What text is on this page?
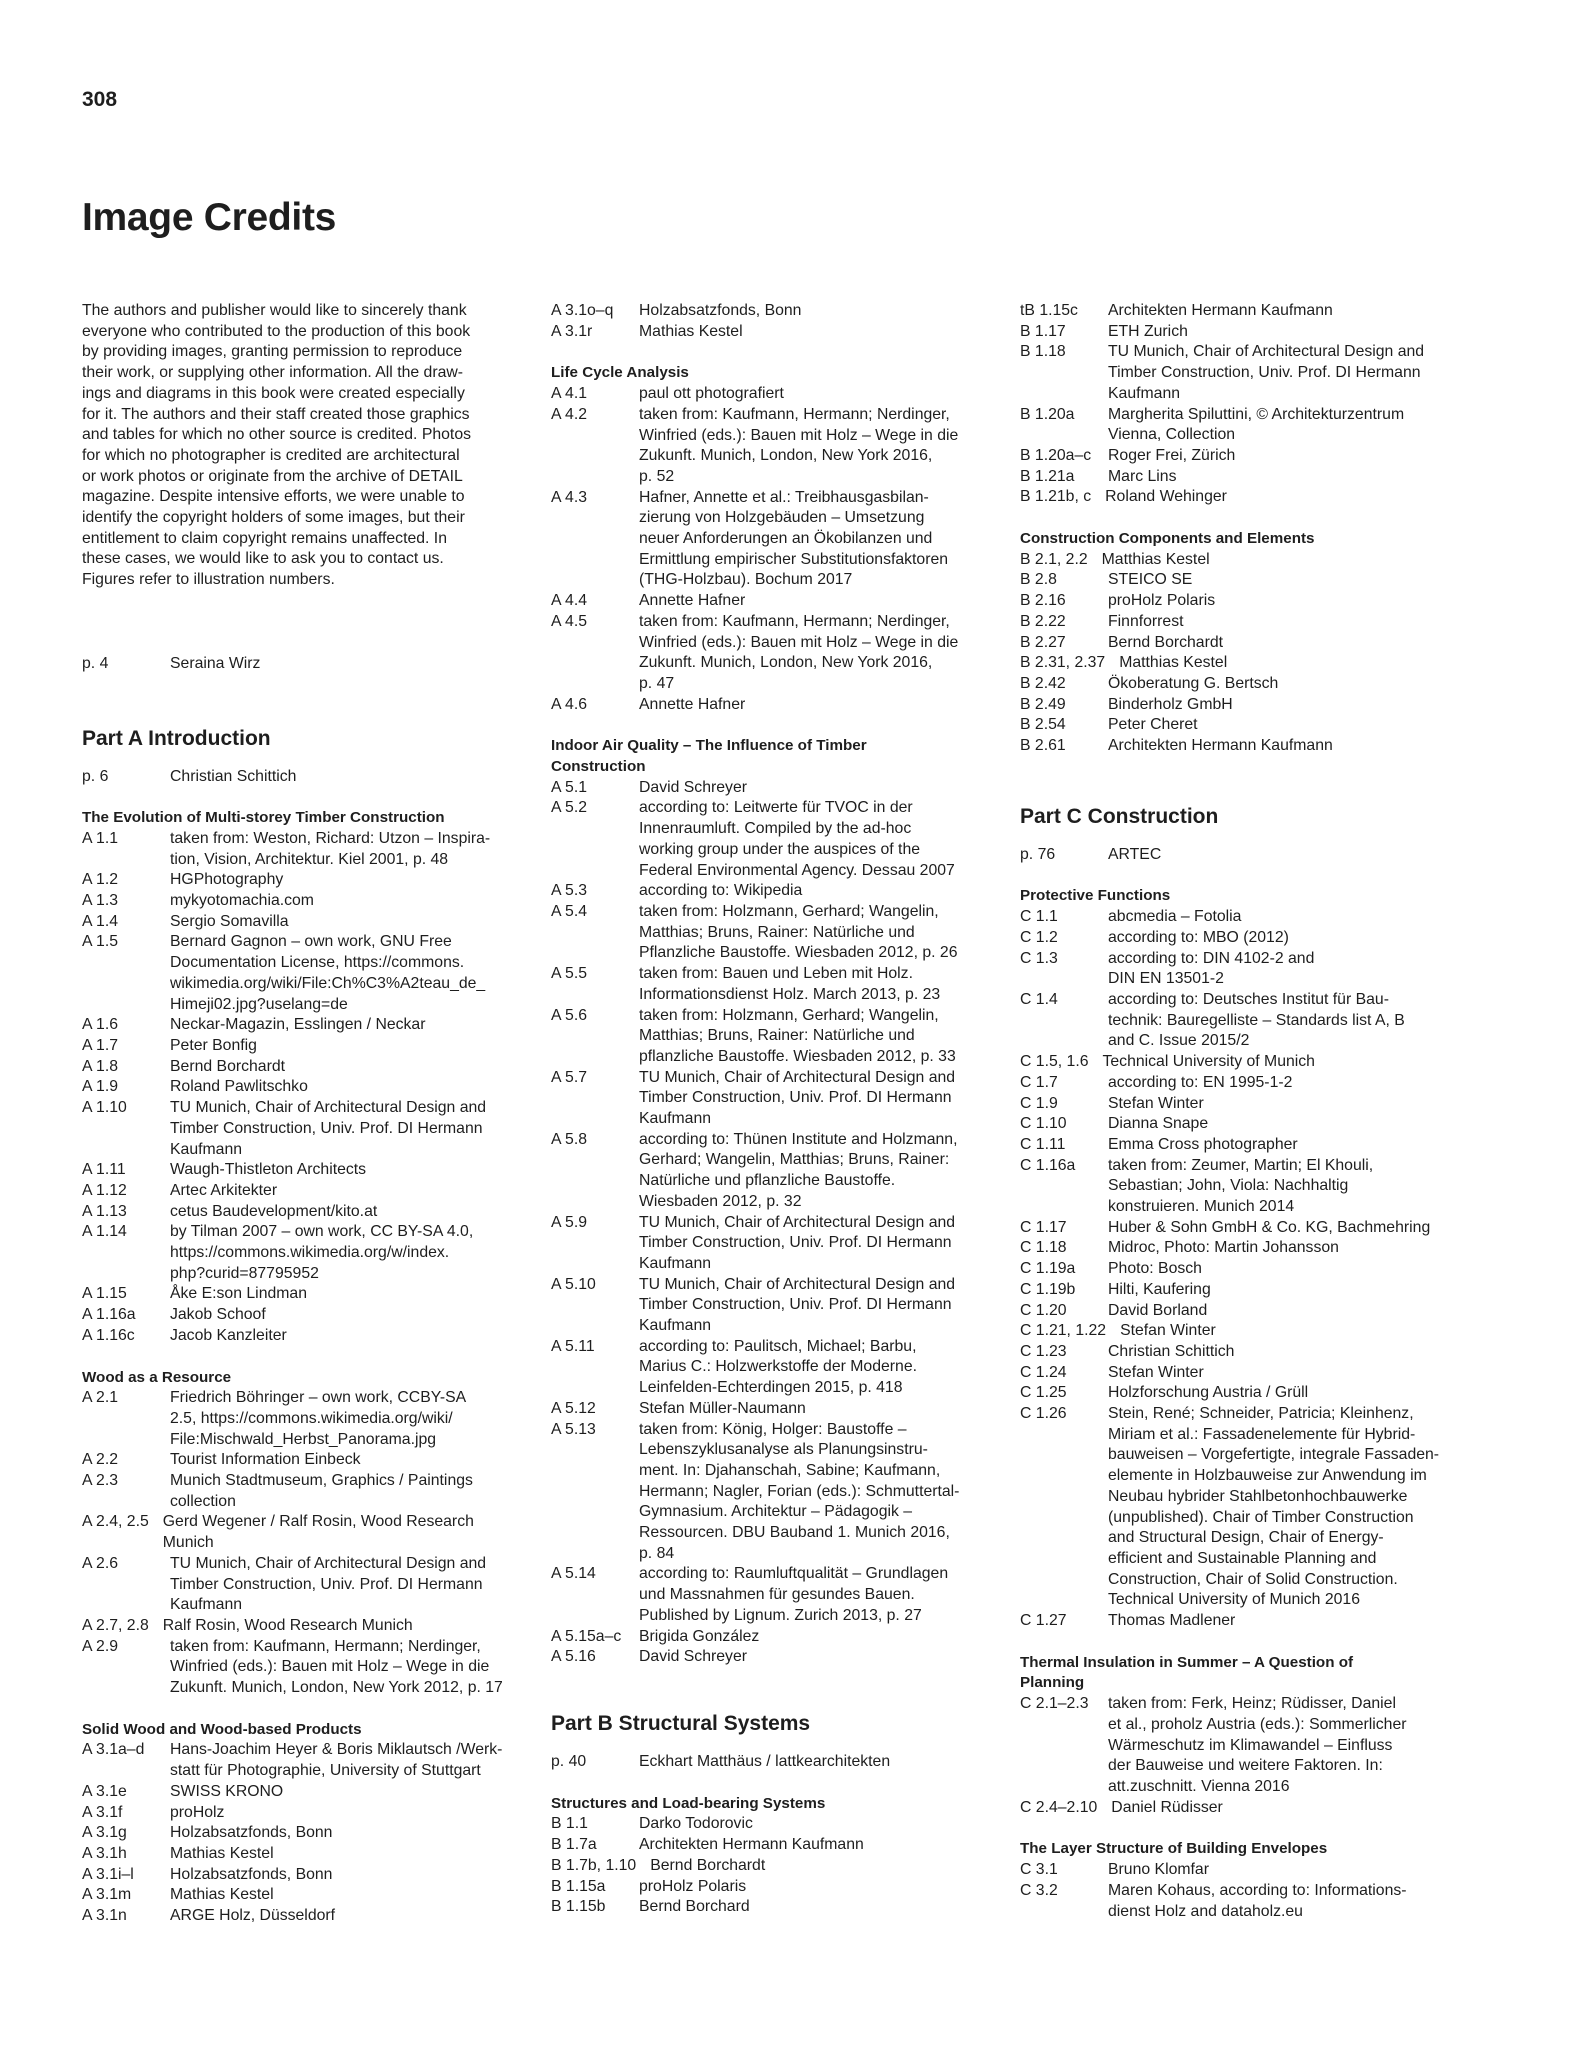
308
Image Credits

The authors and publisher would like to sincerely thank
everyone who contributed to the production of this book
by providing images, granting permission to reproduce
their work, or supplying other information. All the draw-
ings and diagrams in this book were created especially
for it. The authors and their staff created those graphics
and tables for which no other source is credited. Photos
for which no photographer is credited are architectural
or work photos or originate from the archive of DETAIL
magazine. Despite intensive efforts, we were unable to
identify the copyright holders of some images, but their
entitlement to claim copyright remains unaffected. In
these cases, we would like to ask you to contact us.
Figures refer to illustration numbers.

p. 4	Seraina Wirz
Part A Introduction
p. 6	Christian Schittich
The Evolution of Multi-storey Timber Construction
A 1.1	taken from: Weston, Richard: Utzon – Inspira-
tion, Vision, Architektur. Kiel 2001, p. 48
A 1.2	HGPhotography
A 1.3	mykyotomachia.com
A 1.4	Sergio Somavilla
A 1.5	Bernard Gagnon – own work, GNU Free
Documentation License, https://commons.
wikimedia.org/wiki/File:Ch%C3%A2teau_de_
Himeji02.jpg?uselang=de
A 1.6	Neckar-Magazin, Esslingen / Neckar
A 1.7	Peter Bonfig
A 1.8	Bernd Borchardt
A 1.9	Roland Pawlitschko
A 1.10	TU Munich, Chair of Architectural Design and
Timber Construction, Univ. Prof. DI Hermann
Kaufmann
A 1.11	Waugh-Thistleton Architects
A 1.12	Artec Arkitekter
A 1.13	cetus Baudevelopment/kito.at
A 1.14	by Tilman 2007 – own work, CC BY-SA 4.0,
https://commons.wikimedia.org/w/index.
php?curid=87795952
A 1.15	Åke E:son Lindman
A 1.16a	Jakob Schoof
A 1.16c	Jacob Kanzleiter
Wood as a Resource
A 2.1	Friedrich Böhringer – own work, CCBY-SA
2.5, https://commons.wikimedia.org/wiki/
File:Mischwald_Herbst_Panorama.jpg
A 2.2	Tourist Information Einbeck
A 2.3	Munich Stadtmuseum, Graphics / Paintings
collection
A 2.4, 2.5 Gerd Wegener / Ralf Rosin, Wood Research
Munich
A 2.6	TU Munich, Chair of Architectural Design and
Timber Construction, Univ. Prof. DI Hermann
Kaufmann
A 2.7, 2.8 Ralf Rosin, Wood Research Munich
A 2.9	taken from: Kaufmann, Hermann; Nerdinger,
Winfried (eds.): Bauen mit Holz – Wege in die
Zukunft. Munich, London, New York 2012, p. 17
Solid Wood and Wood-based Products
A 3.1a–d	Hans-Joachim Heyer & Boris Miklautsch /Werk-
statt für Photographie, University of Stuttgart
A 3.1e	SWISS KRONO
A 3.1f	proHolz
A 3.1g	Holzabsatzfonds, Bonn
A 3.1h	Mathias Kestel
A 3.1i–l	Holzabsatzfonds, Bonn
A 3.1m	Mathias Kestel
A 3.1n	ARGE Holz, Düsseldorf
A 3.1o–q	Holzabsatzfonds, Bonn
A 3.1r	Mathias Kestel
Life Cycle Analysis
A 4.1	paul ott photografiert
A 4.2	taken from: Kaufmann, Hermann; Nerdinger,
Winfried (eds.): Bauen mit Holz – Wege in die
Zukunft. Munich, London, New York 2016,
p. 52
A 4.3	Hafner, Annette et al.: Treibhausgasbilan-
zierung von Holzgebäuden – Umsetzung
neuer Anforderungen an Ökobilanzen und
Ermittlung empirischer Substitutionsfaktoren
(THG-Holzbau). Bochum 2017
A 4.4	Annette Hafner
A 4.5	taken from: Kaufmann, Hermann; Nerdinger,
Winfried (eds.): Bauen mit Holz – Wege in die
Zukunft. Munich, London, New York 2016,
p. 47
A 4.6	Annette Hafner
Indoor Air Quality – The Influence of Timber
Construction
A 5.1	David Schreyer
A 5.2	according to: Leitwerte für TVOC in der
Innenraumluft. Compiled by the ad-hoc
working group under the auspices of the
Federal Environmental Agency. Dessau 2007
A 5.3	according to: Wikipedia
A 5.4	taken from: Holzmann, Gerhard; Wangelin,
Matthias; Bruns, Rainer: Natürliche und
Pflanzliche Baustoffe. Wiesbaden 2012, p. 26
A 5.5	taken from: Bauen und Leben mit Holz.
Informationsdienst Holz. March 2013, p. 23
A 5.6	taken from: Holzmann, Gerhard; Wangelin,
Matthias; Bruns, Rainer: Natürliche und
pflanzliche Baustoffe. Wiesbaden 2012, p. 33
A 5.7	TU Munich, Chair of Architectural Design and
Timber Construction, Univ. Prof. DI Hermann
Kaufmann
A 5.8	according to: Thünen Institute and Holzmann,
Gerhard; Wangelin, Matthias; Bruns, Rainer:
Natürliche und pflanzliche Baustoffe.
Wiesbaden 2012, p. 32
A 5.9	TU Munich, Chair of Architectural Design and
Timber Construction, Univ. Prof. DI Hermann
Kaufmann
A 5.10	TU Munich, Chair of Architectural Design and
Timber Construction, Univ. Prof. DI Hermann
Kaufmann
A 5.11	according to: Paulitsch, Michael; Barbu,
Marius C.: Holzwerkstoffe der Moderne.
Leinfelden-Echterdingen 2015, p. 418
A 5.12	Stefan Müller-Naumann
A 5.13	taken from: König, Holger: Baustoffe –
Lebenszyklusanalyse als Planungsinstru-
ment. In: Djahanschah, Sabine; Kaufmann,
Hermann; Nagler, Forian (eds.): Schmuttertal-
Gymnasium. Architektur – Pädagogik –
Ressourcen. DBU Bauband 1. Munich 2016,
p. 84
A 5.14	according to: Raumluftqualität – Grundlagen
und Massnahmen für gesundes Bauen.
Published by Lignum. Zurich 2013, p. 27
A 5.15a–c	Brigida González
A 5.16	David Schreyer
Part B Structural Systems
p. 40	Eckhart Matthäus / lattkearchitekten
Structures and Load-bearing Systems
B 1.1	Darko Todorovic
B 1.7a	Architekten Hermann Kaufmann
B 1.7b, 1.10 Bernd Borchardt
B 1.15a	proHolz Polaris
B 1.15b	Bernd Borchard
tB 1.15c	Architekten Hermann Kaufmann
B 1.17	ETH Zurich
B 1.18	TU Munich, Chair of Architectural Design and
Timber Construction, Univ. Prof. DI Hermann
Kaufmann
B 1.20a	Margherita Spiluttini, © Architekturzentrum
Vienna, Collection
B 1.20a–c	Roger Frei, Zürich
B 1.21a	Marc Lins
B 1.21b, c Roland Wehinger
Construction Components and Elements
B 2.1, 2.2 Matthias Kestel
B 2.8	STEICO SE
B 2.16	proHolz Polaris
B 2.22	Finnforrest
B 2.27	Bernd Borchardt
B 2.31, 2.37 Matthias Kestel
B 2.42	Ökoberatung G. Bertsch
B 2.49	Binderholz GmbH
B 2.54	Peter Cheret
B 2.61	Architekten Hermann Kaufmann
Part C Construction
p. 76	ARTEC
Protective Functions
C 1.1	abcmedia – Fotolia
C 1.2	according to: MBO (2012)
C 1.3	according to: DIN 4102-2 and
DIN EN 13501-2
C 1.4	according to: Deutsches Institut für Bau-
technik: Bauregelliste – Standards list A, B
and C. Issue 2015/2
C 1.5, 1.6 Technical University of Munich
C 1.7	according to: EN 1995-1-2
C 1.9	Stefan Winter
C 1.10	Dianna Snape
C 1.11	Emma Cross photographer
C 1.16a	taken from: Zeumer, Martin; El Khouli,
Sebastian; John, Viola: Nachhaltig
konstruieren. Munich 2014
C 1.17	Huber & Sohn GmbH & Co. KG, Bachmehring
C 1.18	Midroc, Photo: Martin Johansson
C 1.19a	Photo: Bosch
C 1.19b	Hilti, Kaufering
C 1.20	David Borland
C 1.21, 1.22 Stefan Winter
C 1.23	Christian Schittich
C 1.24	Stefan Winter
C 1.25	Holzforschung Austria / Grüll
C 1.26	Stein, René; Schneider, Patricia; Kleinhenz,
Miriam et al.: Fassadenelemente für Hybrid-
bauweisen – Vorgefertigte, integrale Fassaden-
elemente in Holzbauweise zur Anwendung im
Neubau hybrider Stahlbetonhochbauwerke
(unpublished). Chair of Timber Construction
and Structural Design, Chair of Energy-
efficient and Sustainable Planning and
Construction, Chair of Solid Construction.
Technical University of Munich 2016
C 1.27	Thomas Madlener
Thermal Insulation in Summer – A Question of
Planning
C 2.1–2.3	taken from: Ferk, Heinz; Rüdisser, Daniel
et al., proholz Austria (eds.): Sommerlicher
Wärmeschutz im Klimawandel – Einfluss
der Bauweise und weitere Faktoren. In:
att.zuschnitt. Vienna 2016
C 2.4–2.10 Daniel Rüdisser
The Layer Structure of Building Envelopes
C 3.1	Bruno Klomfar
C 3.2	Maren Kohaus, according to: Informations-
dienst Holz and dataholz.eu
